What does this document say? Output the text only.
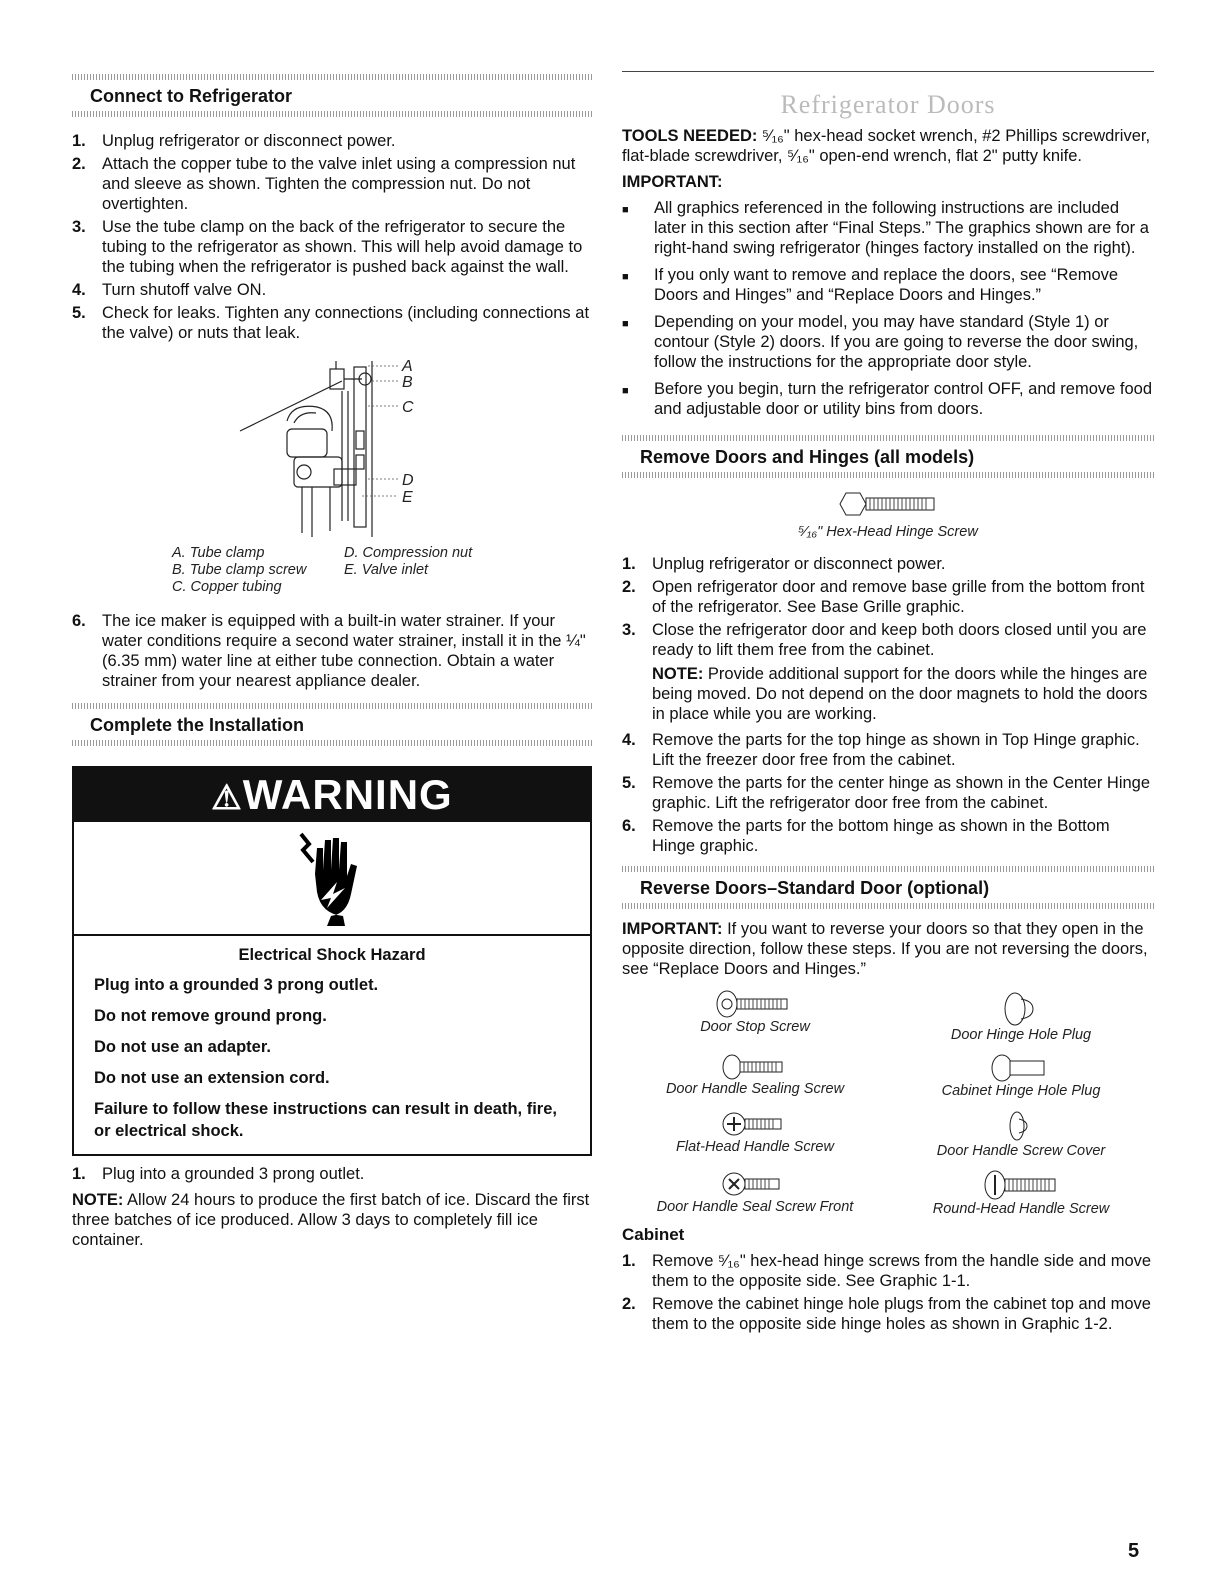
Connect to Refrigerator
1. Unplug refrigerator or disconnect power.
2. Attach the copper tube to the valve inlet using a compression nut and sleeve as shown. Tighten the compression nut. Do not overtighten.
3. Use the tube clamp on the back of the refrigerator to secure the tubing to the refrigerator as shown. This will help avoid damage to the tubing when the refrigerator is pushed back against the wall.
4. Turn shutoff valve ON.
5. Check for leaks. Tighten any connections (including connections at the valve) or nuts that leak.
A
B
C
D
E
A. Tube clamp	D. Compression nut
B. Tube clamp screw	E. Valve inlet
C. Copper tubing
6. The ice maker is equipped with a built-in water strainer. If your water conditions require a second water strainer, install it in the ¼" (6.35 mm) water line at either tube connection. Obtain a water strainer from your nearest appliance dealer.
Complete the Installation
⚠WARNING
Electrical Shock Hazard
Plug into a grounded 3 prong outlet.
Do not remove ground prong.
Do not use an adapter.
Do not use an extension cord.
Failure to follow these instructions can result in death, fire, or electrical shock.
1. Plug into a grounded 3 prong outlet.
NOTE: Allow 24 hours to produce the first batch of ice. Discard the first three batches of ice produced. Allow 3 days to completely fill ice container.
Refrigerator Doors
TOOLS NEEDED: ⁵⁄₁₆" hex-head socket wrench, #2 Phillips screwdriver, flat-blade screwdriver, ⁵⁄₁₆" open-end wrench, flat 2" putty knife.
IMPORTANT:
■	All graphics referenced in the following instructions are included later in this section after “Final Steps.” The graphics shown are for a right-hand swing refrigerator (hinges factory installed on the right).
■	If you only want to remove and replace the doors, see “Remove Doors and Hinges” and “Replace Doors and Hinges.”
■	Depending on your model, you may have standard (Style 1) or contour (Style 2) doors. If you are going to reverse the door swing, follow the instructions for the appropriate door style.
■	Before you begin, turn the refrigerator control OFF, and remove food and adjustable door or utility bins from doors.
Remove Doors and Hinges (all models)
⁵⁄₁₆" Hex-Head Hinge Screw
1. Unplug refrigerator or disconnect power.
2. Open refrigerator door and remove base grille from the bottom front of the refrigerator. See Base Grille graphic.
3. Close the refrigerator door and keep both doors closed until you are ready to lift them free from the cabinet.
NOTE: Provide additional support for the doors while the hinges are being moved. Do not depend on the door magnets to hold the doors in place while you are working.
4. Remove the parts for the top hinge as shown in Top Hinge graphic. Lift the freezer door free from the cabinet.
5. Remove the parts for the center hinge as shown in the Center Hinge graphic. Lift the refrigerator door free from the cabinet.
6. Remove the parts for the bottom hinge as shown in the Bottom Hinge graphic.
Reverse Doors–Standard Door (optional)
IMPORTANT: If you want to reverse your doors so that they open in the opposite direction, follow these steps. If you are not reversing the doors, see “Replace Doors and Hinges.”
Door Stop Screw	Door Hinge Hole Plug
Door Handle Sealing Screw	Cabinet Hinge Hole Plug
Flat-Head Handle Screw	Door Handle Screw Cover
Door Handle Seal Screw Front	Round-Head Handle Screw
Cabinet
1. Remove ⁵⁄₁₆" hex-head hinge screws from the handle side and move them to the opposite side. See Graphic 1-1.
2. Remove the cabinet hinge hole plugs from the cabinet top and move them to the opposite side hinge holes as shown in Graphic 1-2.
5
